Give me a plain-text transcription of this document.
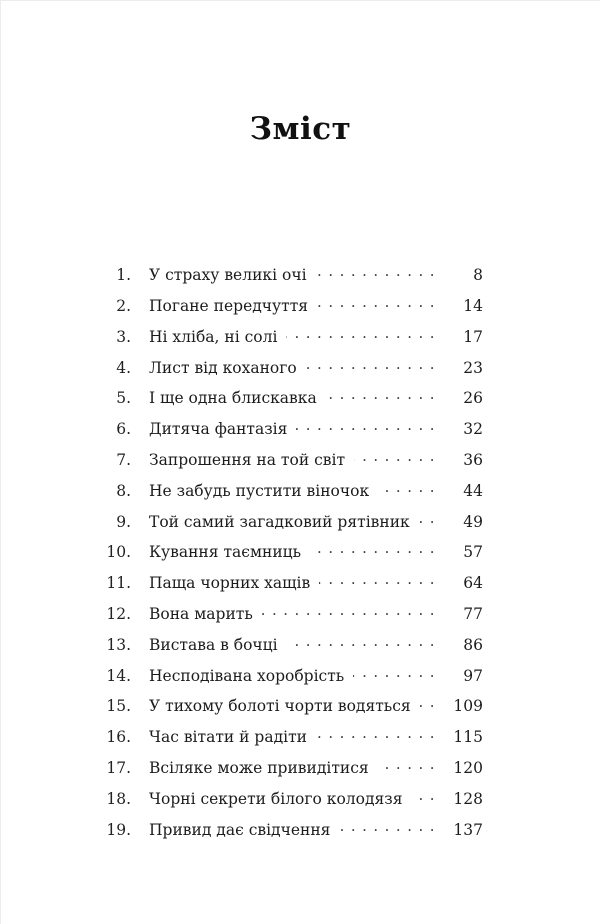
Зміст
1. У страху великі очі ·····	8
2. Погане передчуття ·····	14
3. Ні хліба, ні солі ·····	17
4. Лист від коханого ·····	23
5. І ще одна блискавка ·····	26
6. Дитяча фантазія ·····	32
7. Запрошення на той світ ·····	36
8. Не забудь пустити віночок ·····	44
9. Той самий загадковий рятівник ·····	49
10. Кування таємниць ·····	57
11. Паща чорних хащів ·····	64
12. Вона марить ·····	77
13. Вистава в бочці ·····	86
14. Несподівана хоробрість ·····	97
15. У тихому болоті чорти водяться ·····	109
16. Час вітати й радіти ·····	115
17. Всіляке може привидітися ·····	120
18. Чорні секрети білого колодязя ·····	128
19. Привид дає свідчення ·····	137
